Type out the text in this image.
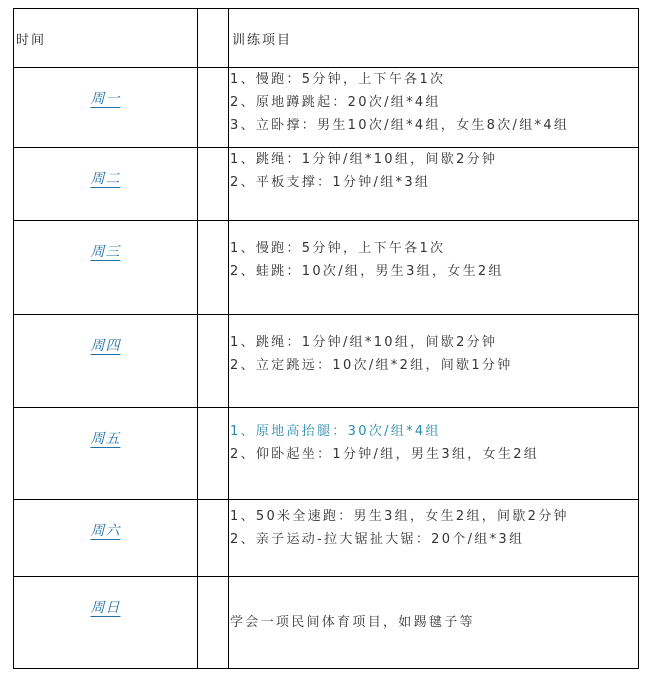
时间		训练项目
周一		1、慢跑：5分钟，上下午各1次
2、原地蹲跳起：20次/组*4组
3、立卧撑：男生10次/组*4组，女生8次/组*4组

周二		1、跳绳：1分钟/组*10组，间歇2分钟
2、平板支撑：1分钟/组*3组

周三		1、慢跑：5分钟，上下午各1次
2、蛙跳：10次/组，男生3组，女生2组

周四		1、跳绳：1分钟/组*10组，间歇2分钟
2、立定跳远：10次/组*2组，间歇1分钟

周五		1、原地高抬腿：30次/组*4组
2、仰卧起坐：1分钟/组，男生3组，女生2组

周六		1、50米全速跑：男生3组，女生2组，间歇2分钟
2、亲子运动-拉大锯扯大锯：20个/组*3组

周日		学会一项民间体育项目，如踢毽子等
